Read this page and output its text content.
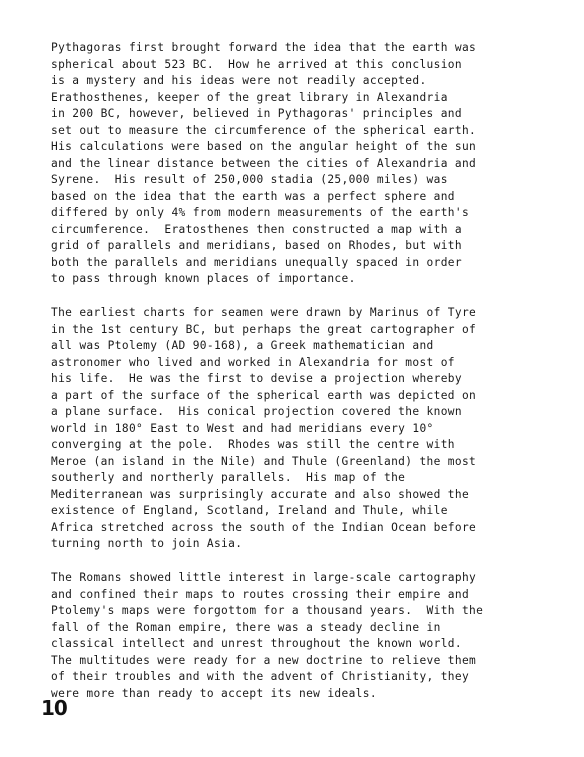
Pythagoras first brought forward the idea that the earth was
spherical about 523 BC.  How he arrived at this conclusion
is a mystery and his ideas were not readily accepted.
Erathosthenes, keeper of the great library in Alexandria
in 200 BC, however, believed in Pythagoras' principles and
set out to measure the circumference of the spherical earth.
His calculations were based on the angular height of the sun
and the linear distance between the cities of Alexandria and
Syrene.  His result of 250,000 stadia (25,000 miles) was
based on the idea that the earth was a perfect sphere and
differed by only 4% from modern measurements of the earth's
circumference.  Eratosthenes then constructed a map with a
grid of parallels and meridians, based on Rhodes, but with
both the parallels and meridians unequally spaced in order
to pass through known places of importance.

The earliest charts for seamen were drawn by Marinus of Tyre
in the 1st century BC, but perhaps the great cartographer of
all was Ptolemy (AD 90-168), a Greek mathematician and
astronomer who lived and worked in Alexandria for most of
his life.  He was the first to devise a projection whereby
a part of the surface of the spherical earth was depicted on
a plane surface.  His conical projection covered the known
world in 180° East to West and had meridians every 10°
converging at the pole.  Rhodes was still the centre with
Meroe (an island in the Nile) and Thule (Greenland) the most
southerly and northerly parallels.  His map of the
Mediterranean was surprisingly accurate and also showed the
existence of England, Scotland, Ireland and Thule, while
Africa stretched across the south of the Indian Ocean before
turning north to join Asia.

The Romans showed little interest in large-scale cartography
and confined their maps to routes crossing their empire and
Ptolemy's maps were forgottom for a thousand years.  With the
fall of the Roman empire, there was a steady decline in
classical intellect and unrest throughout the known world.
The multitudes were ready for a new doctrine to relieve them
of their troubles and with the advent of Christianity, they
were more than ready to accept its new ideals.

10
